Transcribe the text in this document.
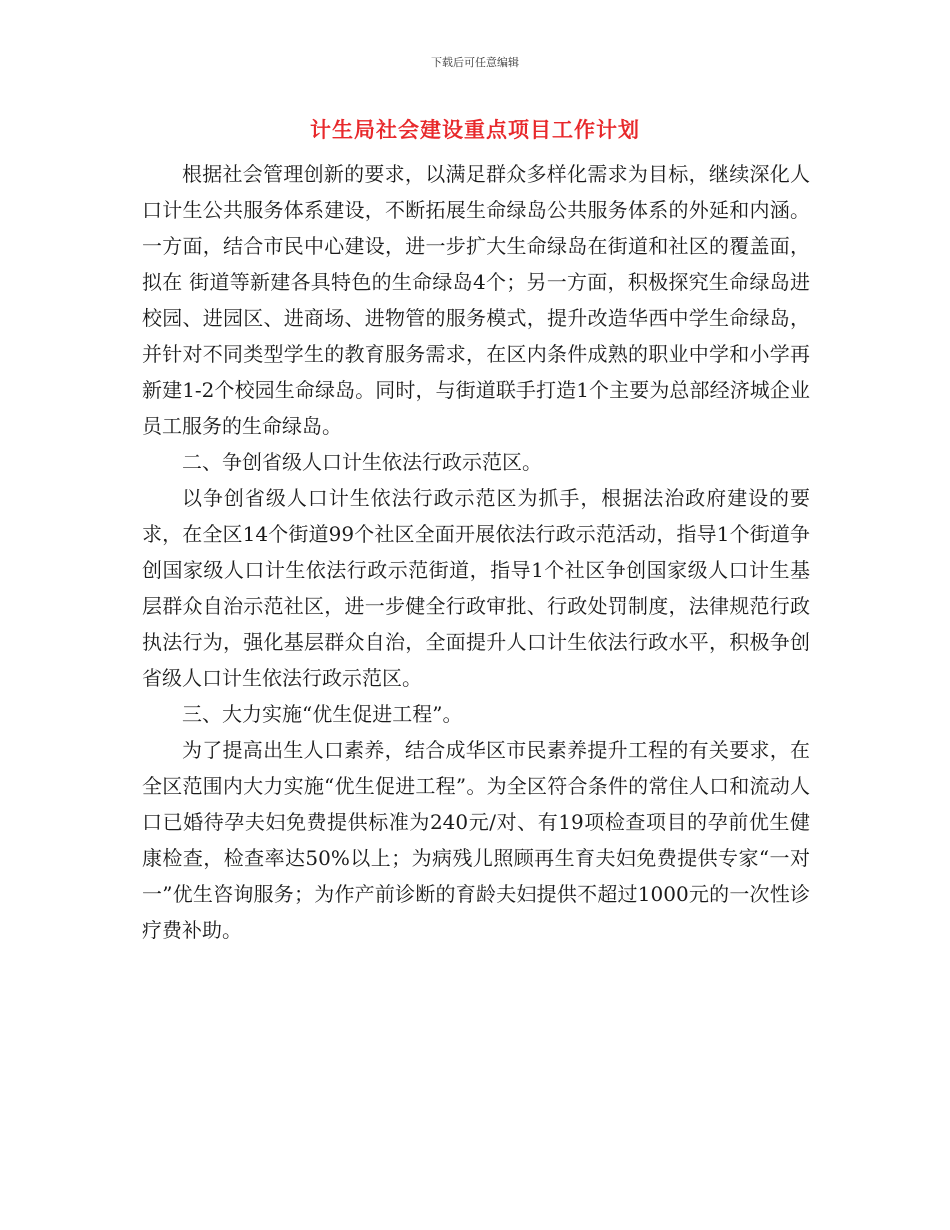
下载后可任意编辑
计生局社会建设重点项目工作计划

根据社会管理创新的要求，以满足群众多样化需求为目标，继续深化人口计生公共服务体系建设，不断拓展生命绿岛公共服务体系的外延和内涵。一方面，结合市民中心建设，进一步扩大生命绿岛在街道和社区的覆盖面，拟在 街道等新建各具特色的生命绿岛4个；另一方面，积极探究生命绿岛进校园、进园区、进商场、进物管的服务模式，提升改造华西中学生命绿岛，并针对不同类型学生的教育服务需求，在区内条件成熟的职业中学和小学再新建1-2个校园生命绿岛。同时，与街道联手打造1个主要为总部经济城企业员工服务的生命绿岛。

二、争创省级人口计生依法行政示范区。

以争创省级人口计生依法行政示范区为抓手，根据法治政府建设的要求，在全区14个街道99个社区全面开展依法行政示范活动，指导1个街道争创国家级人口计生依法行政示范街道，指导1个社区争创国家级人口计生基层群众自治示范社区，进一步健全行政审批、行政处罚制度，法律规范行政执法行为，强化基层群众自治，全面提升人口计生依法行政水平，积极争创省级人口计生依法行政示范区。

三、大力实施“优生促进工程”。

为了提高出生人口素养，结合成华区市民素养提升工程的有关要求，在全区范围内大力实施“优生促进工程”。为全区符合条件的常住人口和流动人口已婚待孕夫妇免费提供标准为240元/对、有19项检查项目的孕前优生健康检查，检查率达50%以上；为病残儿照顾再生育夫妇免费提供专家“一对一”优生咨询服务；为作产前诊断的育龄夫妇提供不超过1000元的一次性诊疗费补助。
